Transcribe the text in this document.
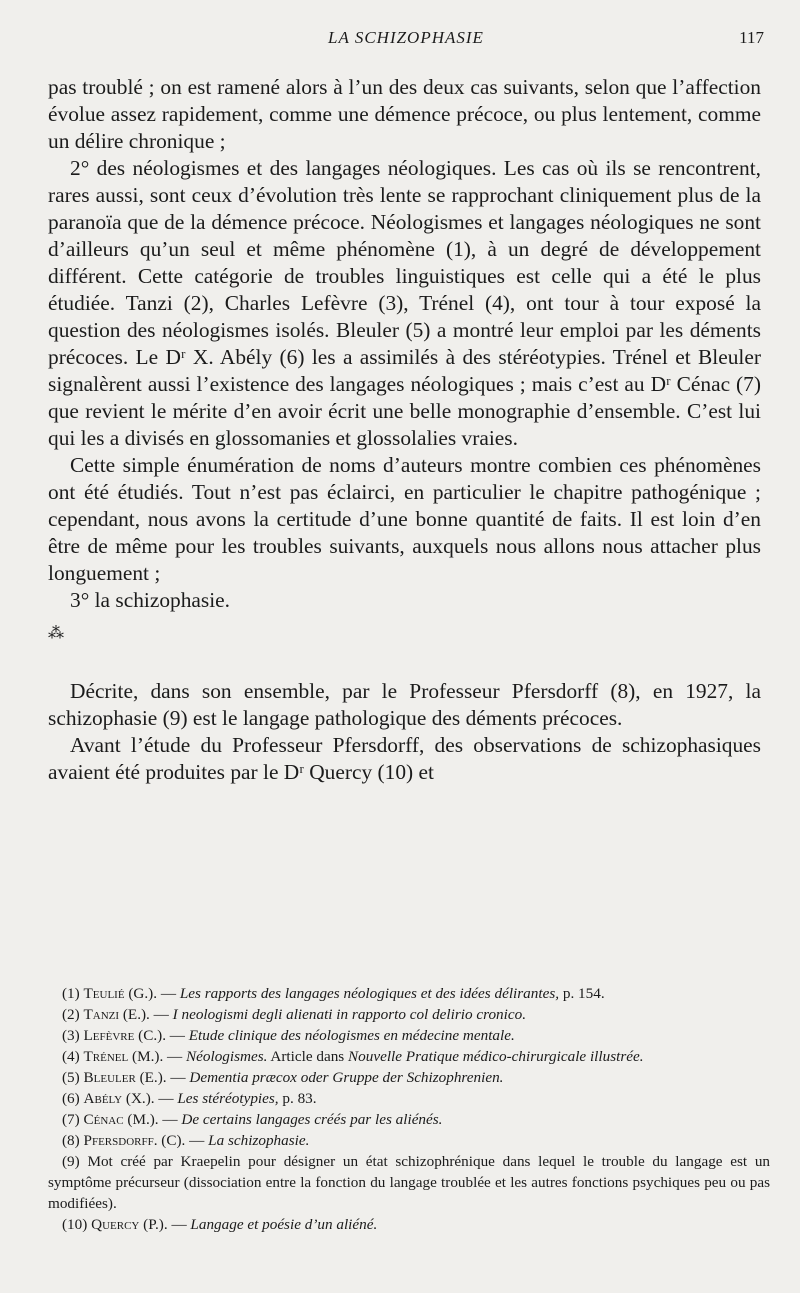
LA SCHIZOPHASIE	117

pas troublé ; on est ramené alors à l’un des deux cas suivants, selon que l’affection évolue assez rapidement, comme une démence précoce, ou plus lentement, comme un délire chronique ;

2° des néologismes et des langages néologiques. Les cas où ils se rencontrent, rares aussi, sont ceux d’évolution très lente se rapprochant cliniquement plus de la paranoïa que de la démence précoce. Néologismes et langages néologiques ne sont d’ailleurs qu’un seul et même phénomène (1), à un degré de développement différent. Cette catégorie de troubles linguistiques est celle qui a été le plus étudiée. Tanzi (2), Charles Lefèvre (3), Trénel (4), ont tour à tour exposé la question des néologismes isolés. Bleuler (5) a montré leur emploi par les déments précoces. Le Dʳ X. Abély (6) les a assimilés à des stéréotypies. Trénel et Bleuler signalèrent aussi l’existence des langages néologiques ; mais c’est au Dʳ Cénac (7) que revient le mérite d’en avoir écrit une belle monographie d’ensemble. C’est lui qui les a divisés en glossomanies et glossolalies vraies.

Cette simple énumération de noms d’auteurs montre combien ces phénomènes ont été étudiés. Tout n’est pas éclairci, en particulier le chapitre pathogénique ; cependant, nous avons la certitude d’une bonne quantité de faits. Il est loin d’en être de même pour les troubles suivants, auxquels nous allons nous attacher plus longuement ;

3° la schizophasie.

⁂

Décrite, dans son ensemble, par le Professeur Pfersdorff (8), en 1927, la schizophasie (9) est le langage pathologique des déments précoces.

Avant l’étude du Professeur Pfersdorff, des observations de schizophasiques avaient été produites par le Dʳ Quercy (10) et

(1) Teulié (G.). — Les rapports des langages néologiques et des idées délirantes, p. 154.

(2) Tanzi (E.). — I neologismi degli alienati in rapporto col delirio cronico.

(3) Lefèvre (C.). — Etude clinique des néologismes en médecine mentale.

(4) Trénel (M.). — Néologismes. Article dans Nouvelle Pratique médico-chirurgicale illustrée.

(5) Bleuler (E.). — Dementia præcox oder Gruppe der Schizophrenien.

(6) Abély (X.). — Les stéréotypies, p. 83.

(7) Cénac (M.). — De certains langages créés par les aliénés.

(8) Pfersdorff. (C). — La schizophasie.

(9) Mot créé par Kraepelin pour désigner un état schizophrénique dans lequel le trouble du langage est un symptôme précurseur (dissociation entre la fonction du langage troublée et les autres fonctions psychiques peu ou pas modifiées).

(10) Quercy (P.). — Langage et poésie d’un aliéné.
